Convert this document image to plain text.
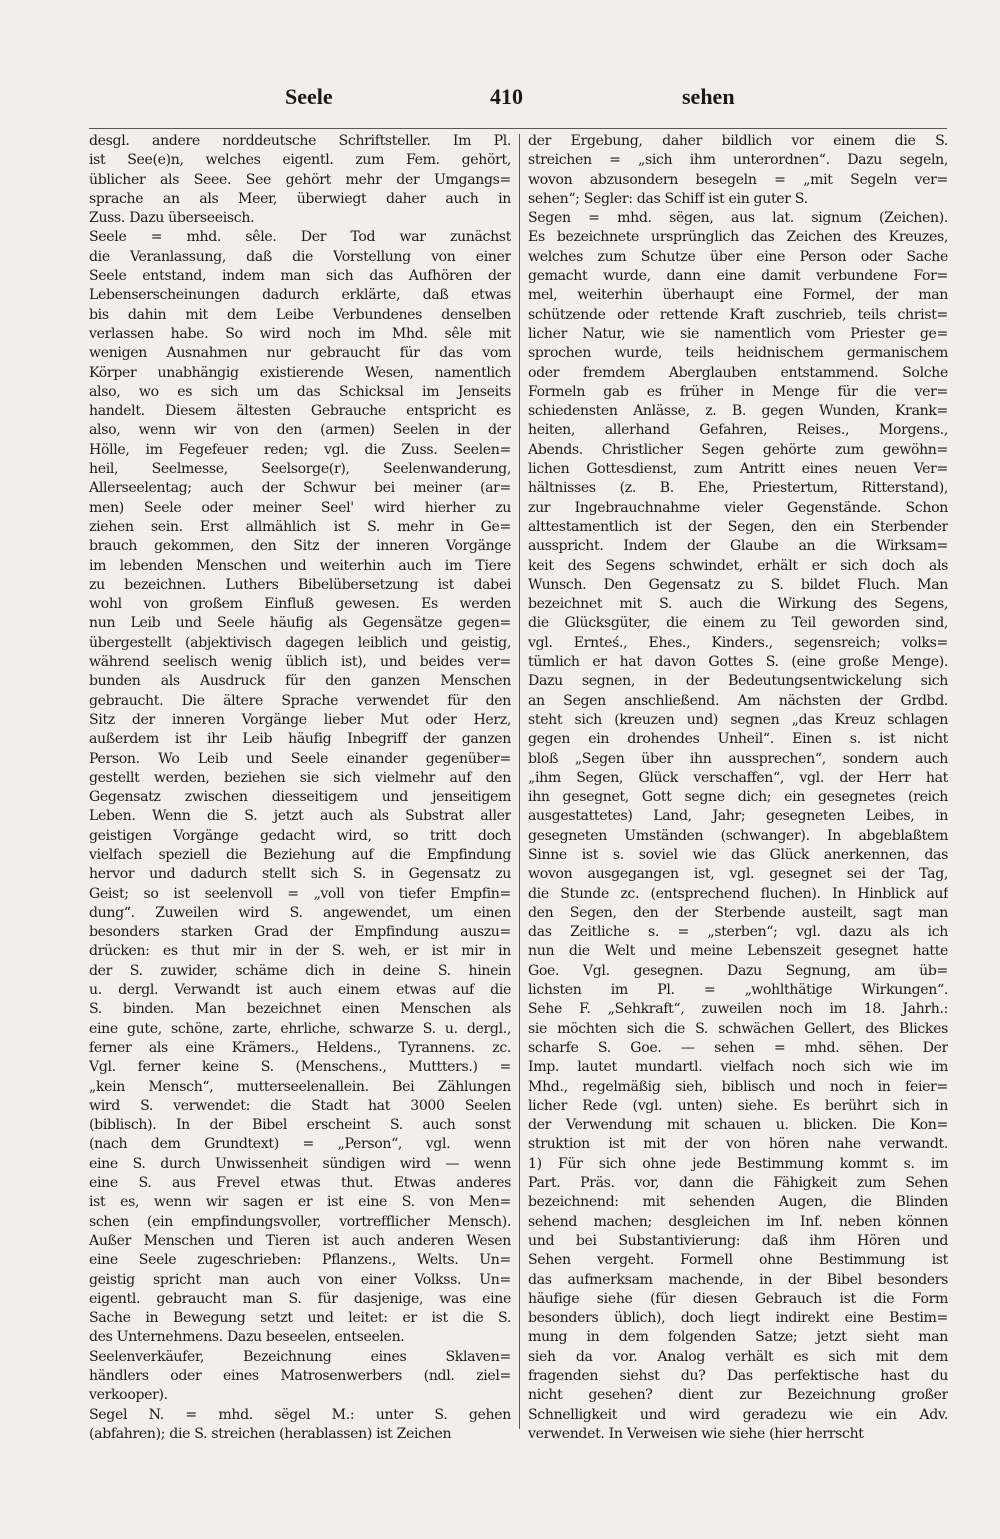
Seele	410	sehen
desgl. andere norddeutsche Schriftsteller. Im Pl.
ist See(e)n, welches eigentl. zum Fem. gehört,
üblicher als Seee. See gehört mehr der Umgangs=
sprache an als Meer, überwiegt daher auch in
Zuss. Dazu überseeisch.
Seele = mhd. sêle. Der Tod war zunächst
die Veranlassung, daß die Vorstellung von einer
Seele entstand, indem man sich das Aufhören der
Lebenserscheinungen dadurch erklärte, daß etwas
bis dahin mit dem Leibe Verbundenes denselben
verlassen habe. So wird noch im Mhd. sêle mit
wenigen Ausnahmen nur gebraucht für das vom
Körper unabhängig existierende Wesen, namentlich
also, wo es sich um das Schicksal im Jenseits
handelt. Diesem ältesten Gebrauche entspricht es
also, wenn wir von den (armen) Seelen in der
Hölle, im Fegefeuer reden; vgl. die Zuss. Seelen=
heil, Seelmesse, Seelsorge(r), Seelenwanderung,
Allerseelentag; auch der Schwur bei meiner (ar=
men) Seele oder meiner Seel' wird hierher zu
ziehen sein. Erst allmählich ist S. mehr in Ge=
brauch gekommen, den Sitz der inneren Vorgänge
im lebenden Menschen und weiterhin auch im Tiere
zu bezeichnen. Luthers Bibelübersetzung ist dabei
wohl von großem Einfluß gewesen. Es werden
nun Leib und Seele häufig als Gegensätze gegen=
übergestellt (abjektivisch dagegen leiblich und geistig,
während seelisch wenig üblich ist), und beides ver=
bunden als Ausdruck für den ganzen Menschen
gebraucht. Die ältere Sprache verwendet für den
Sitz der inneren Vorgänge lieber Mut oder Herz,
außerdem ist ihr Leib häufig Inbegriff der ganzen
Person. Wo Leib und Seele einander gegenüber=
gestellt werden, beziehen sie sich vielmehr auf den
Gegensatz zwischen diesseitigem und jenseitigem
Leben. Wenn die S. jetzt auch als Substrat aller
geistigen Vorgänge gedacht wird, so tritt doch
vielfach speziell die Beziehung auf die Empfindung
hervor und dadurch stellt sich S. in Gegensatz zu
Geist; so ist seelenvoll = „voll von tiefer Empfin=
dung“. Zuweilen wird S. angewendet, um einen
besonders starken Grad der Empfindung auszu=
drücken: es thut mir in der S. weh, er ist mir in
der S. zuwider, schäme dich in deine S. hinein
u. dergl. Verwandt ist auch einem etwas auf die
S. binden. Man bezeichnet einen Menschen als
eine gute, schöne, zarte, ehrliche, schwarze S. u. dergl.,
ferner als eine Krämers., Heldens., Tyrannens. zc.
Vgl. ferner keine S. (Menschens., Muttters.) =
„kein Mensch“, mutterseelenallein. Bei Zählungen
wird S. verwendet: die Stadt hat 3000 Seelen
(biblisch). In der Bibel erscheint S. auch sonst
(nach dem Grundtext) = „Person“, vgl. wenn
eine S. durch Unwissenheit sündigen wird — wenn
eine S. aus Frevel etwas thut. Etwas anderes
ist es, wenn wir sagen er ist eine S. von Men=
schen (ein empfindungsvoller, vortrefflicher Mensch).
Außer Menschen und Tieren ist auch anderen Wesen
eine Seele zugeschrieben: Pflanzens., Welts. Un=
geistig spricht man auch von einer Volkss. Un=
eigentl. gebraucht man S. für dasjenige, was eine
Sache in Bewegung setzt und leitet: er ist die S.
des Unternehmens. Dazu beseelen, entseelen.
Seelenverkäufer, Bezeichnung eines Sklaven=
händlers oder eines Matrosenwerbers (ndl. ziel=
verkooper).
Segel N. = mhd. sëgel M.: unter S. gehen
(abfahren); die S. streichen (herablassen) ist Zeichen
der Ergebung, daher bildlich vor einem die S.
streichen = „sich ihm unterordnen“. Dazu segeln,
wovon abzusondern besegeln = „mit Segeln ver=
sehen“; Segler: das Schiff ist ein guter S.
Segen = mhd. sëgen, aus lat. signum (Zeichen).
Es bezeichnete ursprünglich das Zeichen des Kreuzes,
welches zum Schutze über eine Person oder Sache
gemacht wurde, dann eine damit verbundene For=
mel, weiterhin überhaupt eine Formel, der man
schützende oder rettende Kraft zuschrieb, teils christ=
licher Natur, wie sie namentlich vom Priester ge=
sprochen wurde, teils heidnischem germanischem
oder fremdem Aberglauben entstammend. Solche
Formeln gab es früher in Menge für die ver=
schiedensten Anlässe, z. B. gegen Wunden, Krank=
heiten, allerhand Gefahren, Reises., Morgens.,
Abends. Christlicher Segen gehörte zum gewöhn=
lichen Gottesdienst, zum Antritt eines neuen Ver=
hältnisses (z. B. Ehe, Priestertum, Ritterstand),
zur Ingebrauchnahme vieler Gegenstände. Schon
alttestamentlich ist der Segen, den ein Sterbender
ausspricht. Indem der Glaube an die Wirksam=
keit des Segens schwindet, erhält er sich doch als
Wunsch. Den Gegensatz zu S. bildet Fluch. Man
bezeichnet mit S. auch die Wirkung des Segens,
die Glücksgüter, die einem zu Teil geworden sind,
vgl. Ernteś., Ehes., Kinders., segensreich; volks=
tümlich er hat davon Gottes S. (eine große Menge).
Dazu segnen, in der Bedeutungsentwickelung sich
an Segen anschließend. Am nächsten der Grdbd.
steht sich (kreuzen und) segnen „das Kreuz schlagen
gegen ein drohendes Unheil“. Einen s. ist nicht
bloß „Segen über ihn aussprechen“, sondern auch
„ihm Segen, Glück verschaffen“, vgl. der Herr hat
ihn gesegnet, Gott segne dich; ein gesegnetes (reich
ausgestattetes) Land, Jahr; gesegneten Leibes, in
gesegneten Umständen (schwanger). In abgeblaßtem
Sinne ist s. soviel wie das Glück anerkennen, das
wovon ausgegangen ist, vgl. gesegnet sei der Tag,
die Stunde zc. (entsprechend fluchen). In Hinblick auf
den Segen, den der Sterbende austeilt, sagt man
das Zeitliche s. = „sterben“; vgl. dazu als ich
nun die Welt und meine Lebenszeit gesegnet hatte
Goe. Vgl. gesegnen. Dazu Segnung, am üb=
lichsten im Pl. = „wohlthätige Wirkungen“.
Sehe F. „Sehkraft“, zuweilen noch im 18. Jahrh.:
sie möchten sich die S. schwächen Gellert, des Blickes
scharfe S. Goe. — sehen = mhd. sëhen. Der
Imp. lautet mundartl. vielfach noch sich wie im
Mhd., regelmäßig sieh, biblisch und noch in feier=
licher Rede (vgl. unten) siehe. Es berührt sich in
der Verwendung mit schauen u. blicken. Die Kon=
struktion ist mit der von hören nahe verwandt.
1) Für sich ohne jede Bestimmung kommt s. im
Part. Präs. vor, dann die Fähigkeit zum Sehen
bezeichnend: mit sehenden Augen, die Blinden
sehend machen; desgleichen im Inf. neben können
und bei Substantivierung: daß ihm Hören und
Sehen vergeht. Formell ohne Bestimmung ist
das aufmerksam machende, in der Bibel besonders
häufige siehe (für diesen Gebrauch ist die Form
besonders üblich), doch liegt indirekt eine Bestim=
mung in dem folgenden Satze; jetzt sieht man
sieh da vor. Analog verhält es sich mit dem
fragenden siehst du? Das perfektische hast du
nicht gesehen? dient zur Bezeichnung großer
Schnelligkeit und wird geradezu wie ein Adv.
verwendet. In Verweisen wie siehe (hier herrscht
